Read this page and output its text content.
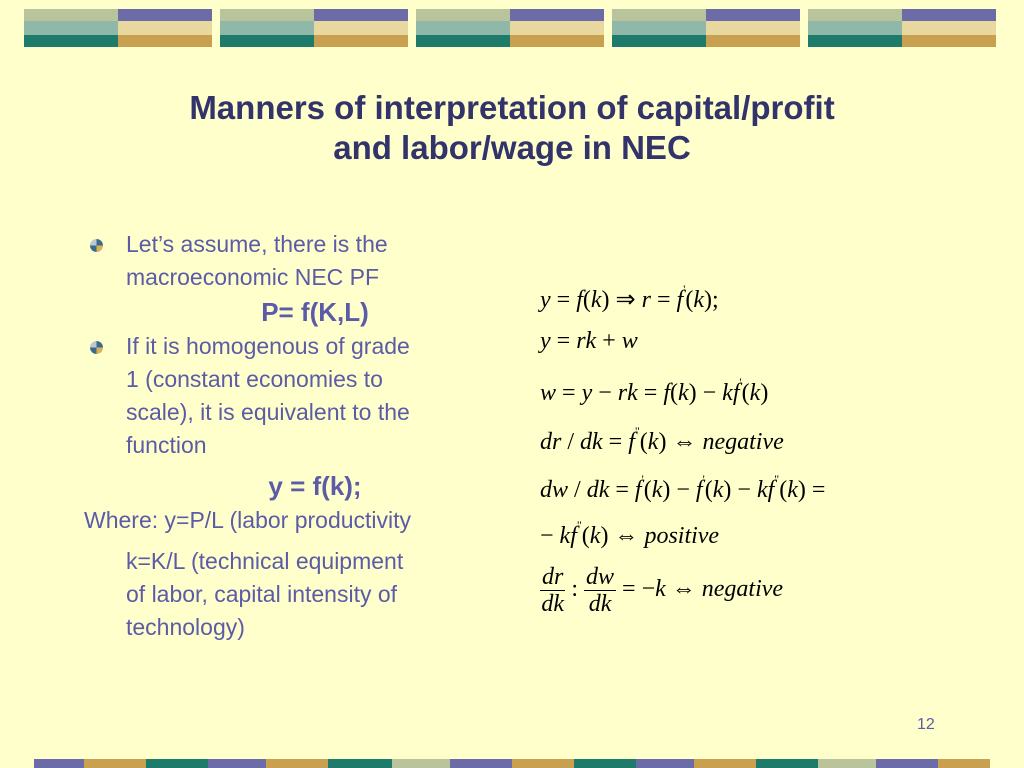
Manners of interpretation of capital/profit
and labor/wage in NEC
Let’s assume, there is the
macroeconomic NEC PF
P= f(K,L)
If it is homogenous of grade
1 (constant economies to
scale), it is equivalent to the
function
y = f(k);
Where: y=P/L (labor productivity
k=K/L (technical equipment
of labor, capital intensity of
technology)
y = f(k) ⇒ r = f'(k);
y = rk + w
w = y − rk = f(k) − kf'(k)
dr / dk = f"(k) ⇔ negative
dw / dk = f'(k) − f'(k) − kf"(k) =
− kf"(k) ⇔ positive
$\frac{dr}{dk}$ : $\frac{dw}{dk} = -k$ ⇔ negative
12
